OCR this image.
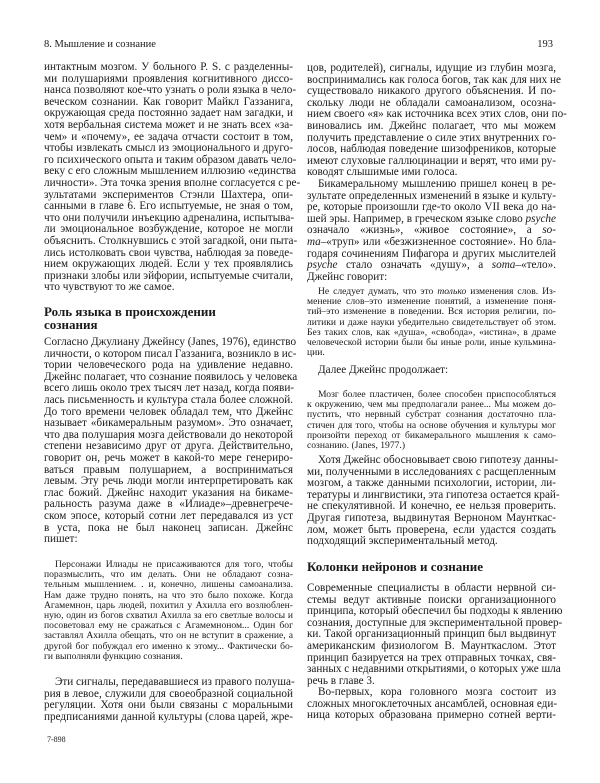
8. Мышление и сознание	193
интактным мозгом. У больного P. S. с разделенны-
ми полушариями проявления когнитивного диссо-
нанса позволяют кое-что узнать о роли языка в чело-
веческом сознании. Как говорит Майкл Газзанига,
окружающая среда постоянно задает нам загадки, и
хотя вербальная система может и не знать всех «за-
чем» и «почему», ее задача отчасти состоит в том,
чтобы извлекать смысл из эмоционального и друго-
го психического опыта и таким образом давать чело-
веку с его сложным мышлением иллюзию «единства
личности». Эта точка зрения вполне согласуется с ре-
зультатами экспериментов Стэнли Шахтера, опи-
санными в главе 6. Его испытуемые, не зная о том,
что они получили инъекцию адреналина, испытыва-
ли эмоциональное возбуждение, которое не могли
объяснить. Столкнувшись с этой загадкой, они пыта-
лись истолковать свои чувства, наблюдая за поведе-
нием окружающих людей. Если у тех проявлялись
признаки злобы или эйфории, испытуемые считали,
что чувствуют то же самое.
Роль языка в происхождении
сознания
Согласно Джулиану Джейнсу (Janes, 1976), единство
личности, о котором писал Газзанига, возникло в ис-
тории человеческого рода на удивление недавно.
Джейнс полагает, что сознание появилось у человека
всего лишь около трех тысяч лет назад, когда появи-
лась письменность и культура стала более сложной.
До того времени человек обладал тем, что Джейнс
называет «бикамеральным разумом». Это означает,
что два полушария мозга действовали до некоторой
степени независимо друг от друга. Действительно,
говорит он, речь может в какой-то мере генериро-
ваться правым полушарием, а восприниматься
левым. Эту речь люди могли интерпретировать как
глас божий. Джейнс находит указания на бикаме-
ральность разума даже в «Илиаде»–древнегрече-
ском эпосе, который сотни лет передавался из уст
в уста, пока не был наконец записан. Джейнс
пишет:
Персонажи Илиады не присаживаются для того, чтобы
поразмыслить, что им делать. Они не обладают созна-
тельным мышлением. . и, конечно, лишены самоанализа.
Нам даже трудно понять, на что это было похоже. Когда
Агамемнон, царь людей, похитил у Ахилла его возлюблен-
ную, один из богов схватил Ахилла за его светлые волосы и
посоветовал ему не сражаться с Агамемноном... Один бог
заставлял Ахилла обещать, что он не вступит в сражение, а
другой бог побуждал его именно к этому... Фактически бо-
ги выполняли функцию сознания.
Эти сигналы, передававшиеся из правого полуша-
рия в левое, служили для своеобразной социальной
регуляции. Хотя они были связаны с моральными
предписаниями данной культуры (слова царей, жре-
цов, родителей), сигналы, идущие из глубин мозга,
воспринимались как голоса богов, так как для них не
существовало никакого другого объяснения. И по-
скольку люди не обладали самоанализом, осозна-
нием своего «я» как источника всех этих слов, они по-
виновались им. Джейнс полагает, что мы можем
получить представление о силе этих внутренних го-
лосов, наблюдая поведение шизофреников, которые
имеют слуховые галлюцинации и верят, что ими ру-
ководят слышимые ими голоса.
Бикамеральному мышлению пришел конец в ре-
зультате определенных изменений в языке и культу-
ре, которые произошли где-то около VII века до на-
шей эры. Например, в греческом языке слово psyche
означало «жизнь», «живое состояние», а so-
ma–«труп» или «безжизненное состояние». Но бла-
годаря сочинениям Пифагора и других мыслителей
psyche стало означать «душу», а soma–«тело».
Джейнс говорит:
Не следует думать, что это только изменения слов. Из-
менение слов–это изменение понятий, а изменение поня-
тий–это изменение в поведении. Вся история религии, по-
литики и даже науки убедительно свидетельствует об этом.
Без таких слов, как «душа», «свобода», «истина», в драме
человеческой истории были бы иные роли, иные кульмина-
ции.
Далее Джейнс продолжает:
Мозг более пластичен, более способен приспособляться
к окружению, чем мы предполагали ранее... Мы можем до-
пустить, что нервный субстрат сознания достаточно пла-
стичен для того, чтобы на основе обучения и культуры мог
произойти переход от бикамерального мышления к само-
сознанию. (Janes, 1977.)
Хотя Джейнс обосновывает свою гипотезу данны-
ми, полученными в исследованиях с расщепленным
мозгом, а также данными психологии, истории, ли-
тературы и лингвистики, эта гипотеза остается край-
не спекулятивной. И конечно, ее нельзя проверить.
Другая гипотеза, выдвинутая Верноном Маунткас-
лом, может быть проверена, если удастся создать
подходящий экспериментальный метод.
Колонки нейронов и сознание
Современные специалисты в области нервной си-
стемы ведут активные поиски организационного
принципа, который обеспечил бы подходы к явлению
сознания, доступные для экспериментальной провер-
ки. Такой организационный принцип был выдвинут
американским физиологом В. Маунткаслом. Этот
принцип базируется на трех отправных точках, свя-
занных с недавними открытиями, о которых уже шла
речь в главе 3.
Во-первых, кора головного мозга состоит из
сложных многоклеточных ансамблей, основная еди-
ница которых образована примерно сотней верти-
7-898
